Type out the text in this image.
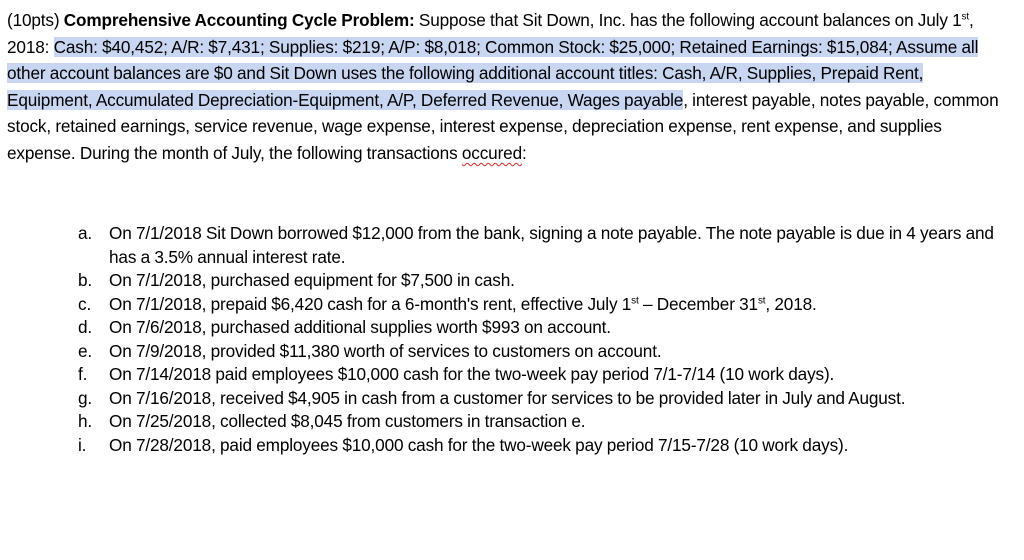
(10pts) Comprehensive Accounting Cycle Problem: Suppose that Sit Down, Inc. has the following account balances on July 1st, 2018: Cash: $40,452; A/R: $7,431; Supplies: $219; A/P: $8,018; Common Stock: $25,000; Retained Earnings: $15,084; Assume all other account balances are $0 and Sit Down uses the following additional account titles: Cash, A/R, Supplies, Prepaid Rent, Equipment, Accumulated Depreciation-Equipment, A/P, Deferred Revenue, Wages payable, interest payable, notes payable, common stock, retained earnings, service revenue, wage expense, interest expense, depreciation expense, rent expense, and supplies expense. During the month of July, the following transactions occured:
a. On 7/1/2018 Sit Down borrowed $12,000 from the bank, signing a note payable. The note payable is due in 4 years and has a 3.5% annual interest rate.
b. On 7/1/2018, purchased equipment for $7,500 in cash.
c.	On 7/1/2018, prepaid $6,420 cash for a 6-month's rent, effective July 1st – December 31st, 2018.
d. On 7/6/2018, purchased additional supplies worth $993 on account.
e. On 7/9/2018, provided $11,380 worth of services to customers on account.
f.	On 7/14/2018 paid employees $10,000 cash for the two-week pay period 7/1-7/14 (10 work days).
g. On 7/16/2018, received $4,905 in cash from a customer for services to be provided later in July and August.
h. On 7/25/2018, collected $8,045 from customers in transaction e.
i.	On 7/28/2018, paid employees $10,000 cash for the two-week pay period 7/15-7/28 (10 work days).
